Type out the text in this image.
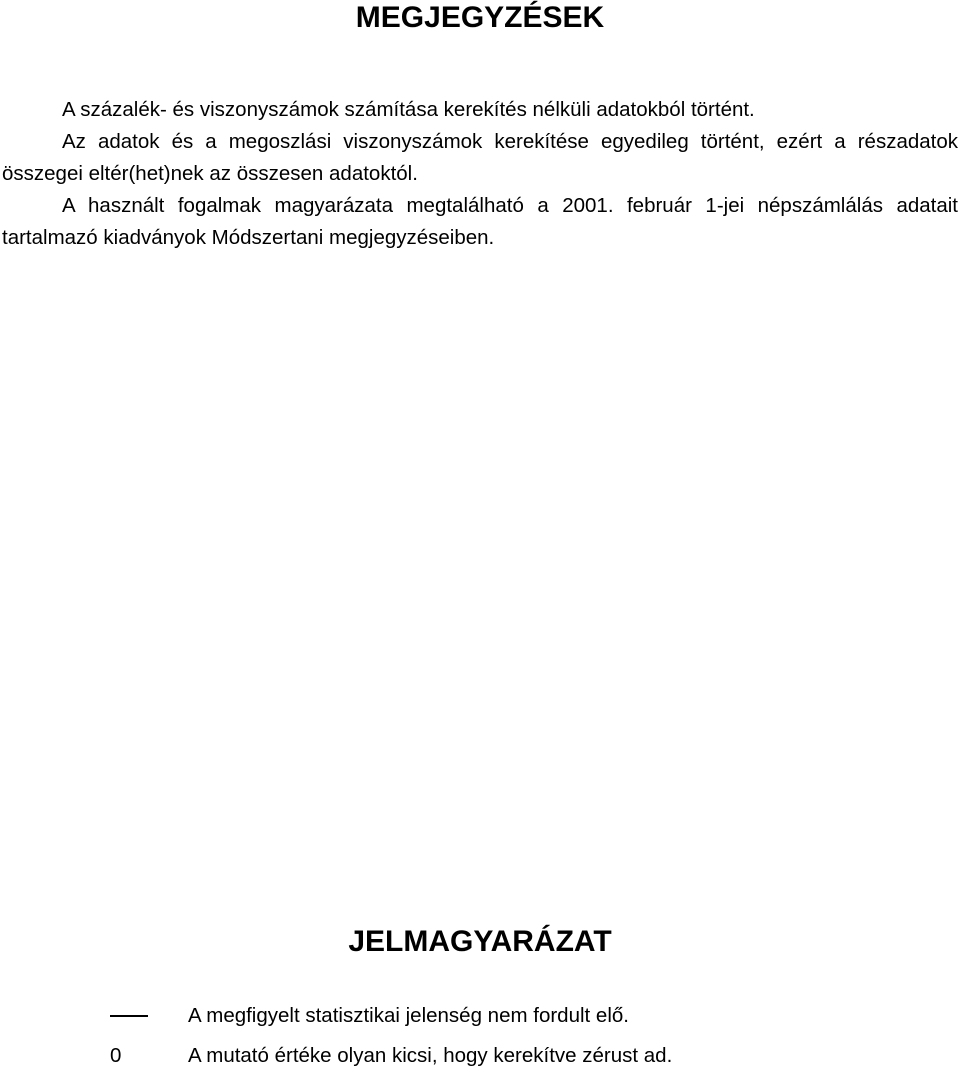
MEGJEGYZÉSEK

A százalék- és viszonyszámok számítása kerekítés nélküli adatokból történt.

Az adatok és a megoszlási viszonyszámok kerekítése egyedileg történt, ezért a részadatok összegei eltér(het)nek az összesen adatoktól.

A használt fogalmak magyarázata megtalálható a 2001. február 1-jei népszámlálás adatait tartalmazó kiadványok Módszertani megjegyzéseiben.

JELMAGYARÁZAT
A megfigyelt statisztikai jelenség nem fordult elő.
0	A mutató értéke olyan kicsi, hogy kerekítve zérust ad.
